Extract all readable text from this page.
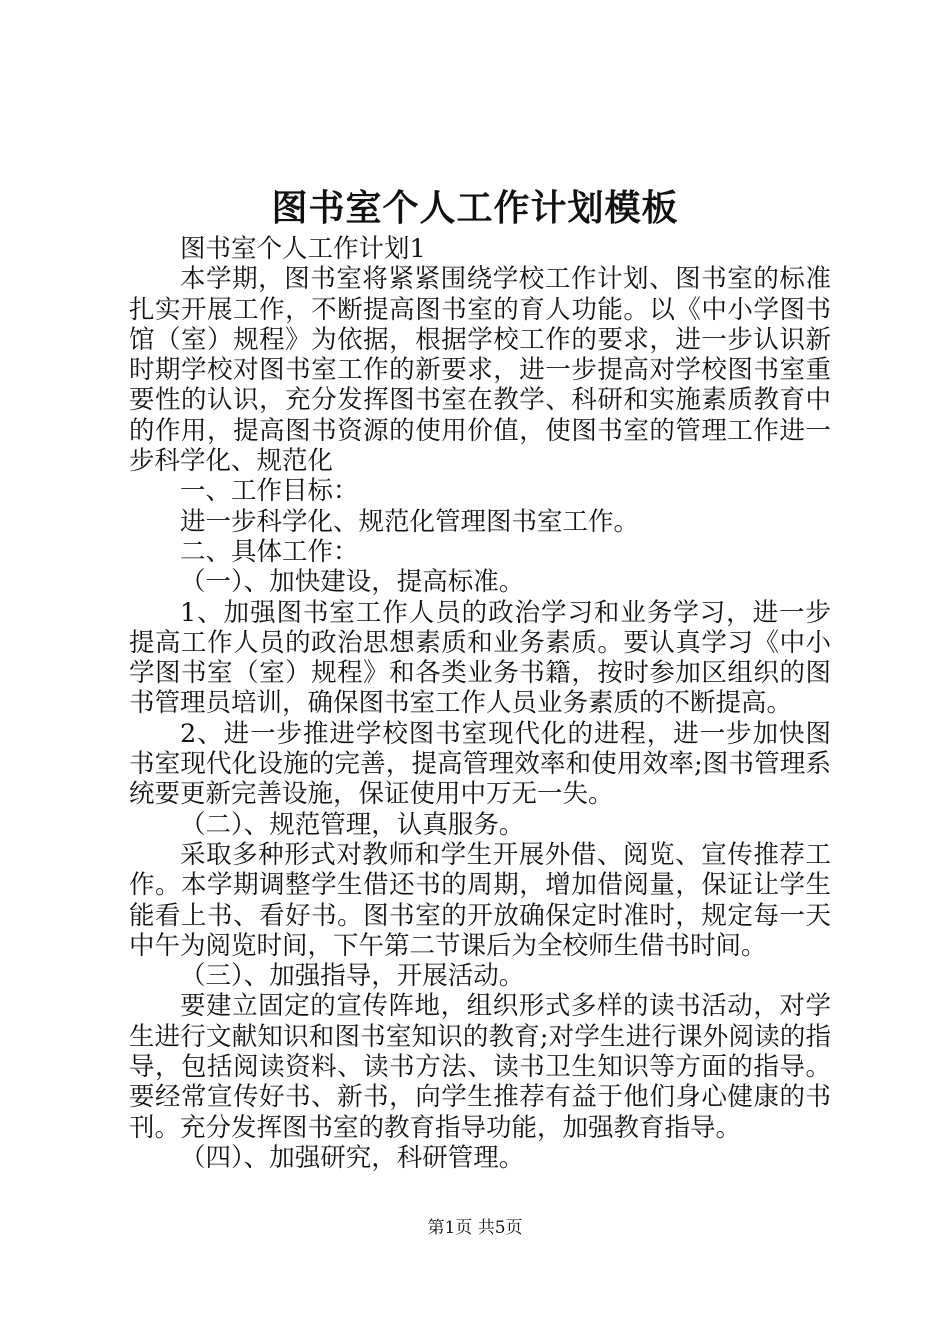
图书室个人工作计划模板

图书室个人工作计划1

本学期，图书室将紧紧围绕学校工作计划、图书室的标准扎实开展工作，不断提高图书室的育人功能。以《中小学图书馆（室）规程》为依据，根据学校工作的要求，进一步认识新时期学校对图书室工作的新要求，进一步提高对学校图书室重要性的认识，充分发挥图书室在教学、科研和实施素质教育中的作用，提高图书资源的使用价值，使图书室的管理工作进一步科学化、规范化

一、工作目标：

进一步科学化、规范化管理图书室工作。

二、具体工作：

（一）、加快建设，提高标准。

1、加强图书室工作人员的政治学习和业务学习，进一步提高工作人员的政治思想素质和业务素质。要认真学习《中小学图书室（室）规程》和各类业务书籍，按时参加区组织的图书管理员培训，确保图书室工作人员业务素质的不断提高。

2、进一步推进学校图书室现代化的进程，进一步加快图书室现代化设施的完善，提高管理效率和使用效率;图书管理系统要更新完善设施，保证使用中万无一失。

（二）、规范管理，认真服务。

采取多种形式对教师和学生开展外借、阅览、宣传推荐工作。本学期调整学生借还书的周期，增加借阅量，保证让学生能看上书、看好书。图书室的开放确保定时准时，规定每一天中午为阅览时间，下午第二节课后为全校师生借书时间。

（三）、加强指导，开展活动。

要建立固定的宣传阵地，组织形式多样的读书活动，对学生进行文献知识和图书室知识的教育;对学生进行课外阅读的指导，包括阅读资料、读书方法、读书卫生知识等方面的指导。要经常宣传好书、新书，向学生推荐有益于他们身心健康的书刊。充分发挥图书室的教育指导功能，加强教育指导。

（四）、加强研究，科研管理。

第1页 共5页
